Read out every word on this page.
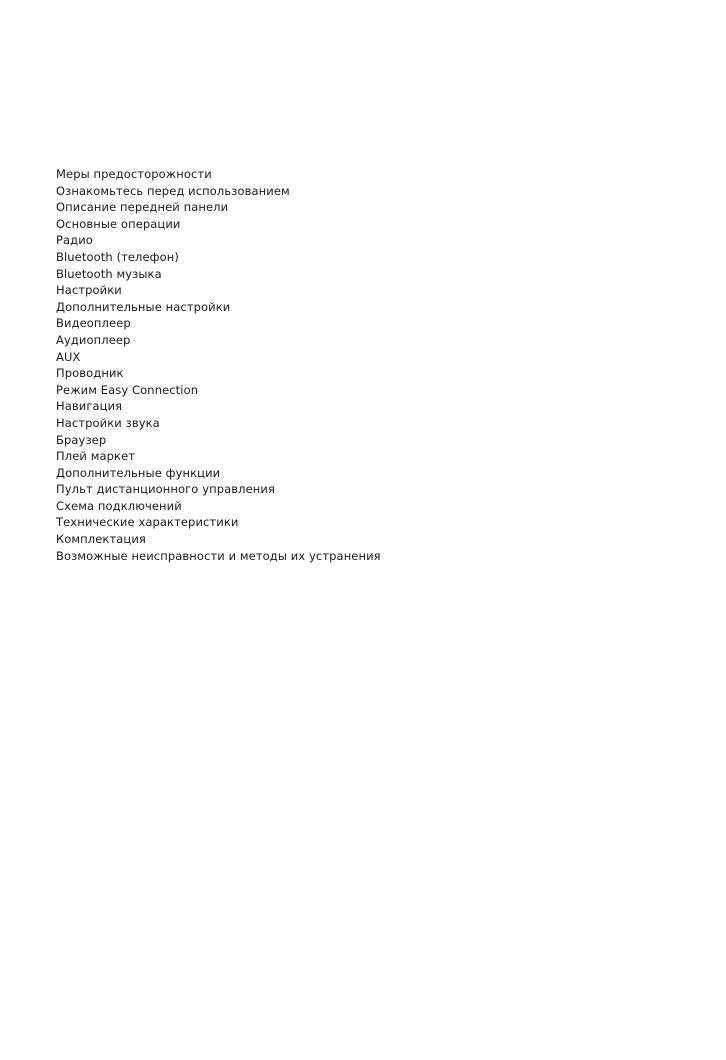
Меры предосторожности
Ознакомьтесь перед использованием
Описание передней панели
Основные операции
Радио
Bluetooth (телефон)
Bluetooth музыка
Настройки
Дополнительные настройки
Видеоплеер
Аудиоплеер
AUX
Проводник
Режим Easy Connection
Навигация
Настройки звука
Браузер
Плей маркет
Дополнительные функции
Пульт дистанционного управления
Схема подключений
Технические характеристики
Комплектация
Возможные неисправности и методы их устранения
